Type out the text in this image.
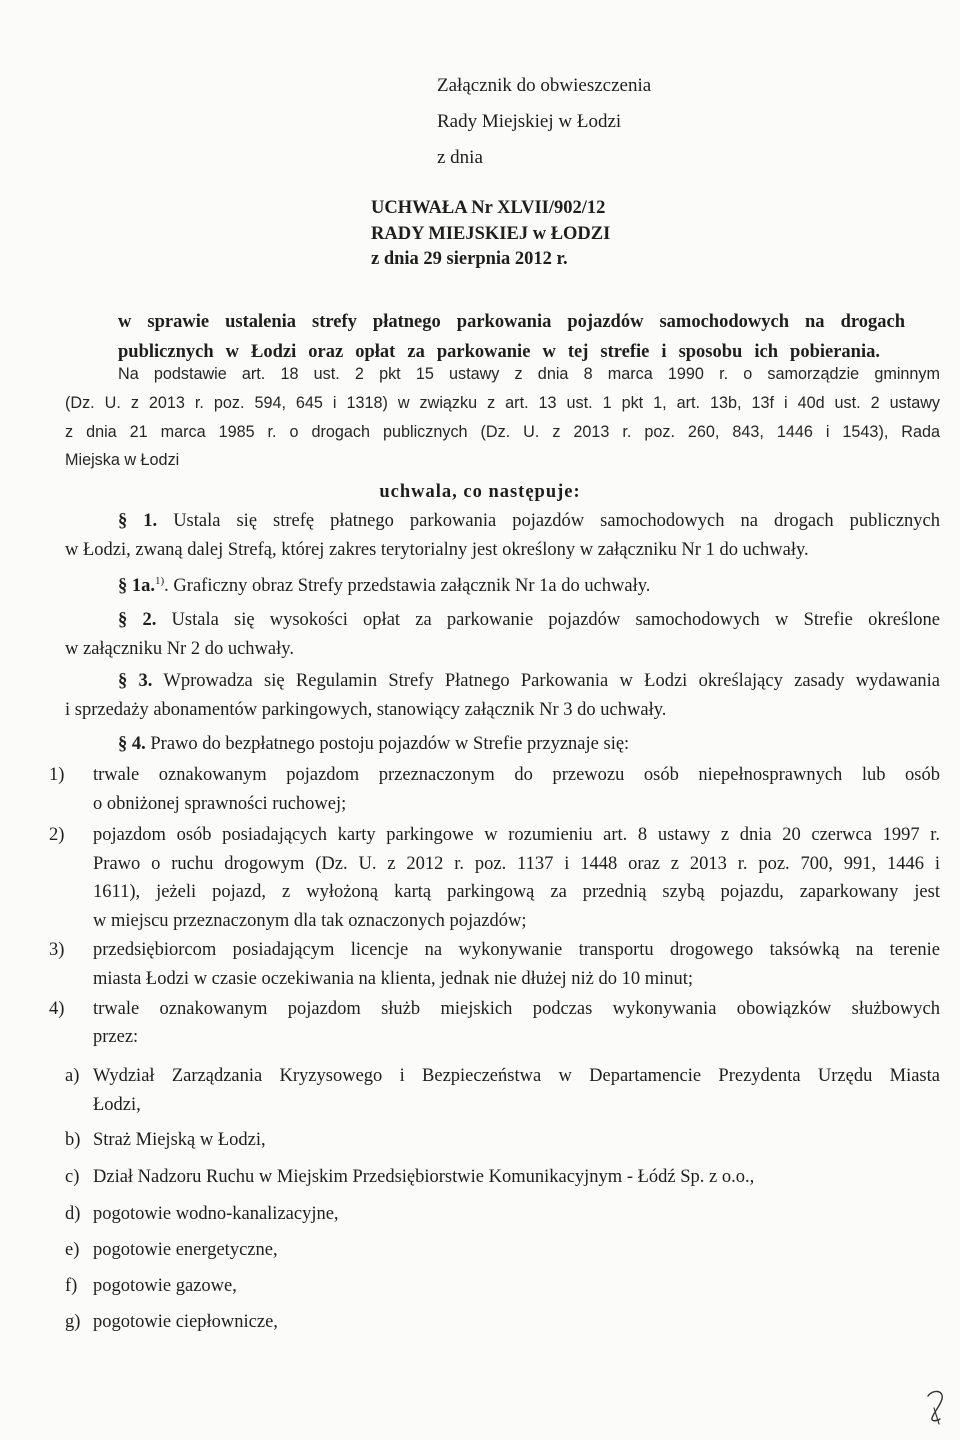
Załącznik do obwieszczenia
Rady Miejskiej w Łodzi
z dnia
UCHWAŁA Nr XLVII/902/12
RADY MIEJSKIEJ w ŁODZI
z dnia 29 sierpnia 2012 r.
w sprawie ustalenia strefy płatnego parkowania pojazdów samochodowych na drogach
publicznych w Łodzi oraz opłat za parkowanie w tej strefie i sposobu ich pobierania.
Na podstawie art. 18 ust. 2 pkt 15 ustawy z dnia 8 marca 1990 r. o samorządzie gminnym
(Dz. U. z 2013 r. poz. 594, 645 i 1318) w związku z art. 13 ust. 1 pkt 1, art. 13b, 13f i 40d ust. 2 ustawy
z dnia 21 marca 1985 r. o drogach publicznych (Dz. U. z 2013 r. poz. 260, 843, 1446 i 1543), Rada
Miejska w Łodzi
uchwala, co następuje:
§ 1. Ustala się strefę płatnego parkowania pojazdów samochodowych na drogach publicznych
w Łodzi, zwaną dalej Strefą, której zakres terytorialny jest określony w załączniku Nr 1 do uchwały.
§ 1a.$^{1)}$. Graficzny obraz Strefy przedstawia załącznik Nr 1a do uchwały.
§ 2. Ustala się wysokości opłat za parkowanie pojazdów samochodowych w Strefie określone
w załączniku Nr 2 do uchwały.
§ 3. Wprowadza się Regulamin Strefy Płatnego Parkowania w Łodzi określający zasady wydawania
i sprzedaży abonamentów parkingowych, stanowiący załącznik Nr 3 do uchwały.
§ 4. Prawo do bezpłatnego postoju pojazdów w Strefie przyznaje się:
1) trwale oznakowanym pojazdom przeznaczonym do przewozu osób niepełnosprawnych lub osób
o obniżonej sprawności ruchowej;
2) pojazdom osób posiadających karty parkingowe w rozumieniu art. 8 ustawy z dnia 20 czerwca 1997 r.
Prawo o ruchu drogowym (Dz. U. z 2012 r. poz. 1137 i 1448 oraz z 2013 r. poz. 700, 991, 1446 i
1611), jeżeli pojazd, z wyłożoną kartą parkingową za przednią szybą pojazdu, zaparkowany jest
w miejscu przeznaczonym dla tak oznaczonych pojazdów;
3) przedsiębiorcom posiadającym licencje na wykonywanie transportu drogowego taksówką na terenie
miasta Łodzi w czasie oczekiwania na klienta, jednak nie dłużej niż do 10 minut;
4) trwale oznakowanym pojazdom służb miejskich podczas wykonywania obowiązków służbowych
przez:
a) Wydział Zarządzania Kryzysowego i Bezpieczeństwa w Departamencie Prezydenta Urzędu Miasta
Łodzi,
b) Straż Miejską w Łodzi,
c) Dział Nadzoru Ruchu w Miejskim Przedsiębiorstwie Komunikacyjnym - Łódź Sp. z o.o.,
d) pogotowie wodno-kanalizacyjne,
e) pogotowie energetyczne,
f) pogotowie gazowe,
g) pogotowie ciepłownicze,
